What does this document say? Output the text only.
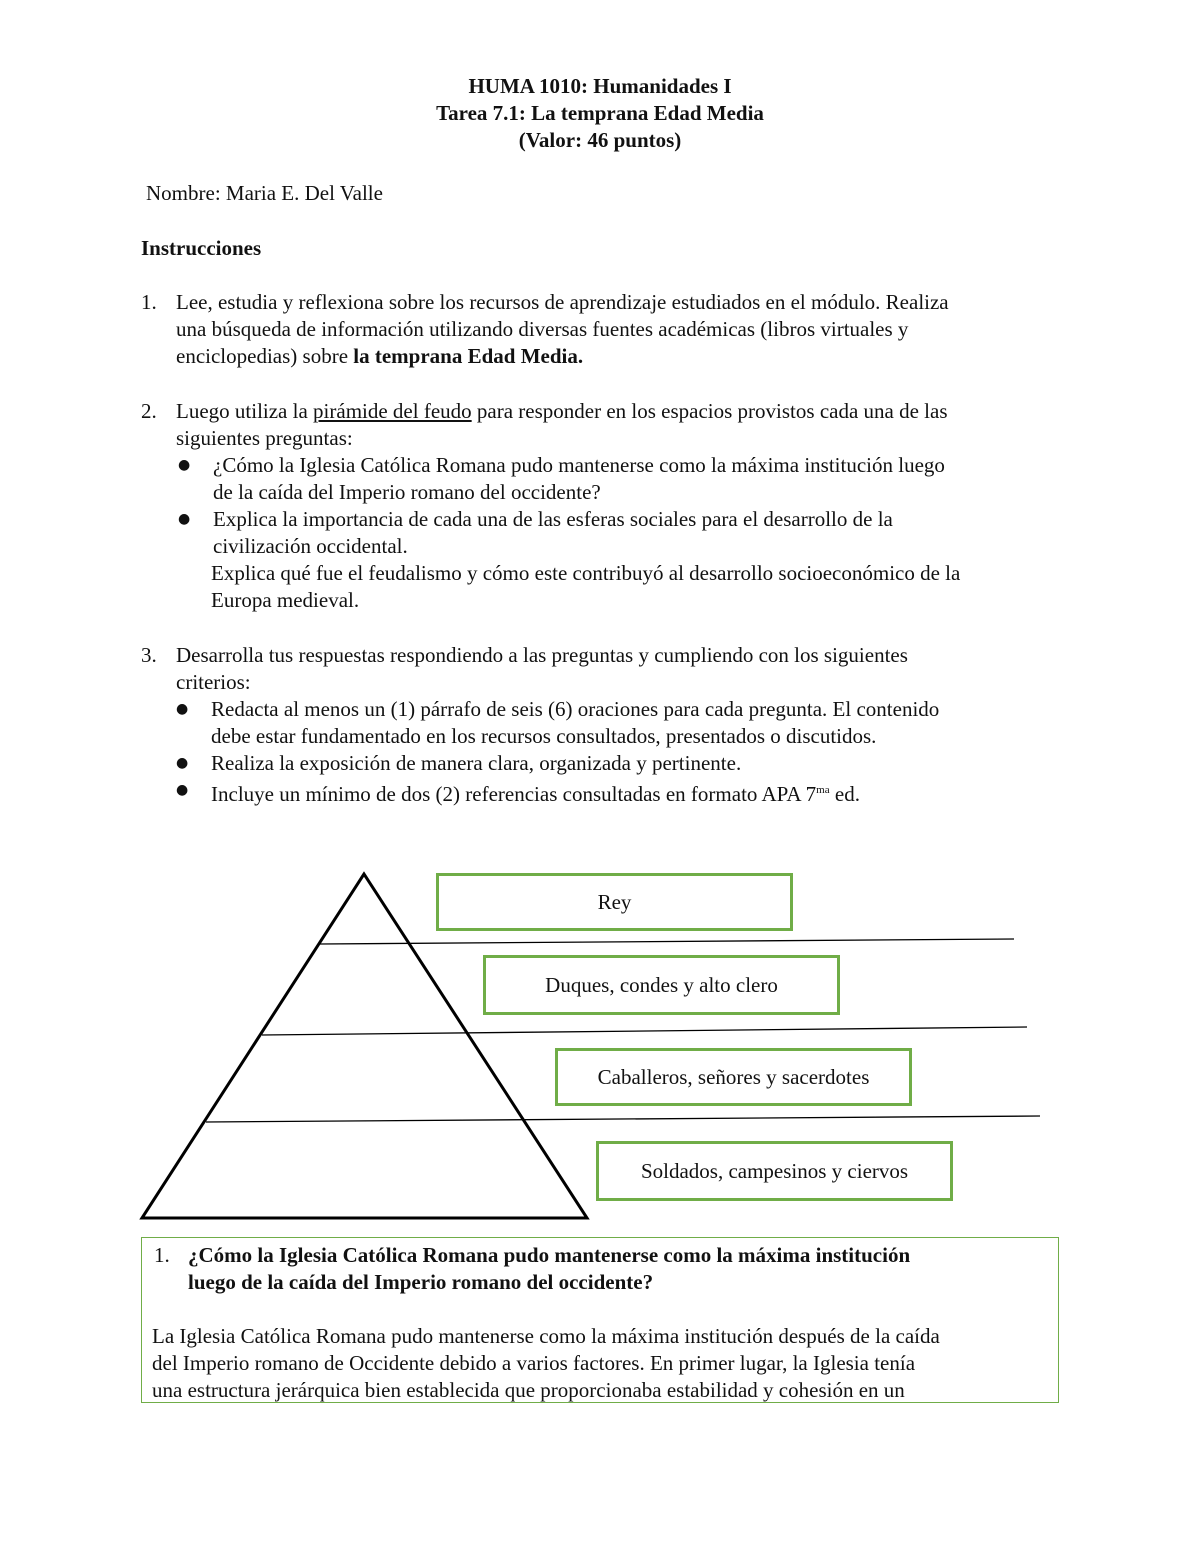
HUMA 1010: Humanidades I
Tarea 7.1: La temprana Edad Media
(Valor: 46 puntos)
Nombre: Maria E. Del Valle
Instrucciones
1. Lee, estudia y reflexiona sobre los recursos de aprendizaje estudiados en el módulo. Realiza
una búsqueda de información utilizando diversas fuentes académicas (libros virtuales y
enciclopedias) sobre la temprana Edad Media.
2. Luego utiliza la pirámide del feudo para responder en los espacios provistos cada una de las
siguientes preguntas:
● ¿Cómo la Iglesia Católica Romana pudo mantenerse como la máxima institución luego
de la caída del Imperio romano del occidente?
● Explica la importancia de cada una de las esferas sociales para el desarrollo de la
civilización occidental.
Explica qué fue el feudalismo y cómo este contribuyó al desarrollo socioeconómico de la
Europa medieval.
3. Desarrolla tus respuestas respondiendo a las preguntas y cumpliendo con los siguientes
criterios:
● Redacta al menos un (1) párrafo de seis (6) oraciones para cada pregunta. El contenido
debe estar fundamentado en los recursos consultados, presentados o discutidos.
● Realiza la exposición de manera clara, organizada y pertinente.
● Incluye un mínimo de dos (2) referencias consultadas en formato APA $7^{ma}$ ed.
Rey
Duques, condes y alto clero
Caballeros, señores y sacerdotes
Soldados, campesinos y ciervos
1. ¿Cómo la Iglesia Católica Romana pudo mantenerse como la máxima institución
luego de la caída del Imperio romano del occidente?
La Iglesia Católica Romana pudo mantenerse como la máxima institución después de la caída
del Imperio romano de Occidente debido a varios factores. En primer lugar, la Iglesia tenía
una estructura jerárquica bien establecida que proporcionaba estabilidad y cohesión en un
